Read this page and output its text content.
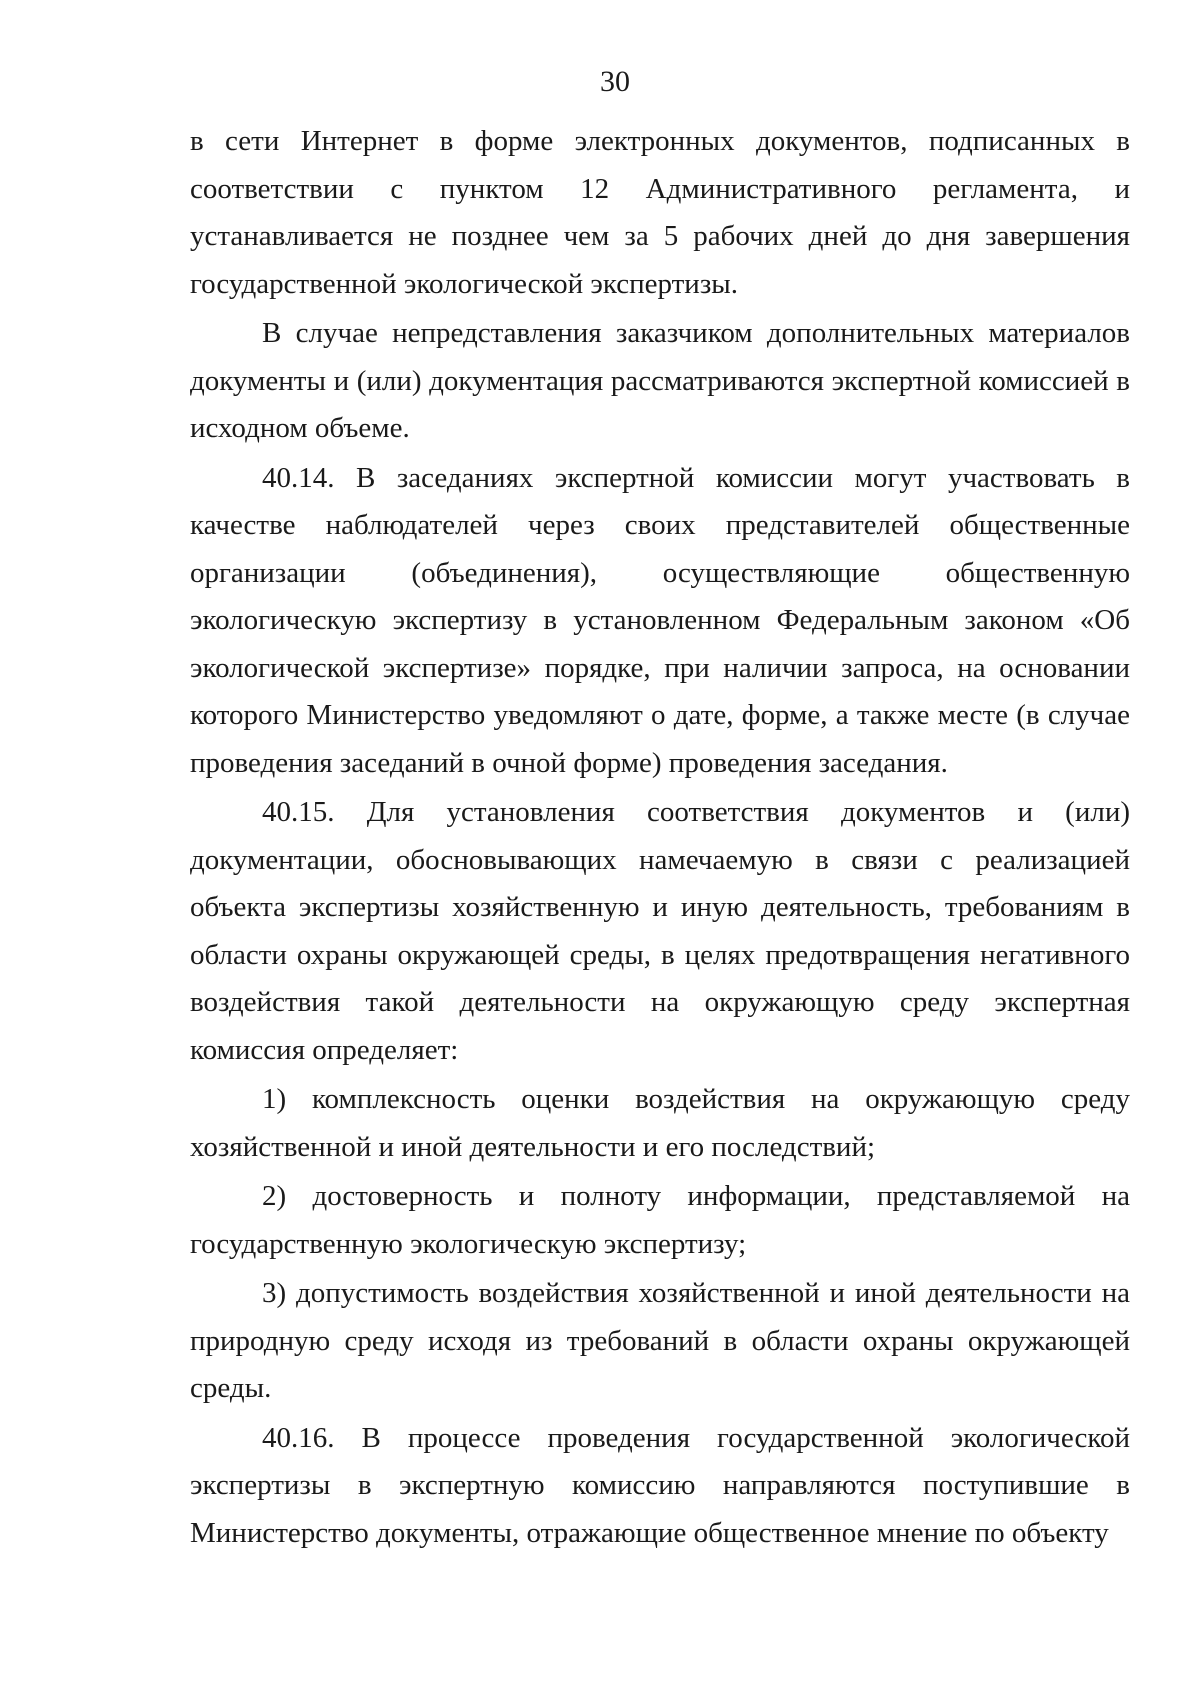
30

в сети Интернет в форме электронных документов, подписанных в соответствии с пунктом 12 Административного регламента, и устанавливается не позднее чем за 5 рабочих дней до дня завершения государственной экологической экспертизы.

В случае непредставления заказчиком дополнительных материалов документы и (или) документация рассматриваются экспертной комиссией в исходном объеме.

40.14. В заседаниях экспертной комиссии могут участвовать в качестве наблюдателей через своих представителей общественные организации (объединения), осуществляющие общественную экологическую экспертизу в установленном Федеральным законом «Об экологической экспертизе» порядке, при наличии запроса, на основании которого Министерство уведомляют о дате, форме, а также месте (в случае проведения заседаний в очной форме) проведения заседания.

40.15. Для установления соответствия документов и (или) документации, обосновывающих намечаемую в связи с реализацией объекта экспертизы хозяйственную и иную деятельность, требованиям в области охраны окружающей среды, в целях предотвращения негативного воздействия такой деятельности на окружающую среду экспертная комиссия определяет:

1) комплексность оценки воздействия на окружающую среду хозяйственной и иной деятельности и его последствий;

2) достоверность и полноту информации, представляемой на государственную экологическую экспертизу;

3) допустимость воздействия хозяйственной и иной деятельности на природную среду исходя из требований в области охраны окружающей среды.

40.16. В процессе проведения государственной экологической экспертизы в экспертную комиссию направляются поступившие в Министерство документы, отражающие общественное мнение по объекту
